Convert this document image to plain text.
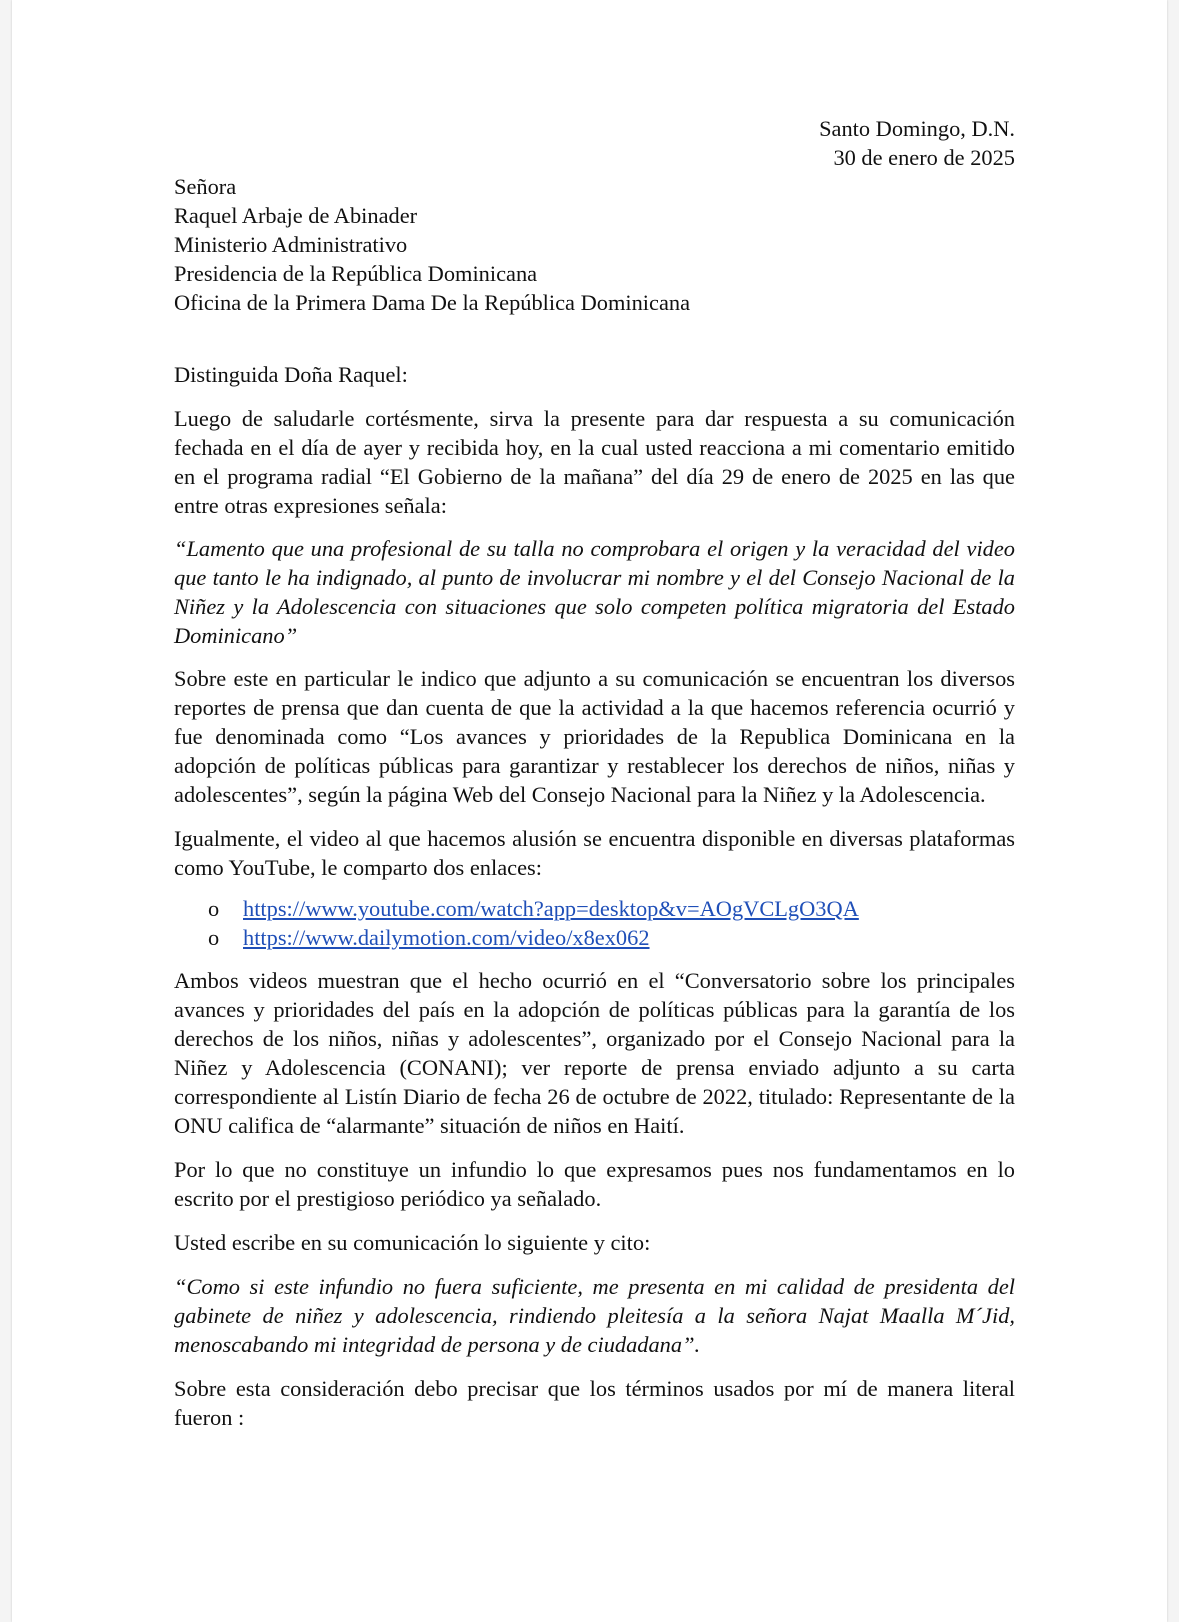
Santo Domingo, D.N.
30 de enero de 2025
Señora
Raquel Arbaje de Abinader
Ministerio Administrativo
Presidencia de la República Dominicana
Oficina de la Primera Dama De la República Dominicana

Distinguida Doña Raquel:

Luego de saludarle cortésmente, sirva la presente para dar respuesta a su comunicación fechada en el día de ayer y recibida hoy, en la cual usted reacciona a mi comentario emitido en el programa radial “El Gobierno de la mañana” del día 29 de enero de 2025 en las que entre otras expresiones señala:

“Lamento que una profesional de su talla no comprobara el origen y la veracidad del video que tanto le ha indignado, al punto de involucrar mi nombre y el del Consejo Nacional de la Niñez y la Adolescencia con situaciones que solo competen política migratoria del Estado Dominicano”

Sobre este en particular le indico que adjunto a su comunicación se encuentran los diversos reportes de prensa que dan cuenta de que la actividad a la que hacemos referencia ocurrió y fue denominada como “Los avances y prioridades de la Republica Dominicana en la adopción de políticas públicas para garantizar y restablecer los derechos de niños, niñas y adolescentes”, según la página Web del Consejo Nacional para la Niñez y la Adolescencia.

Igualmente, el video al que hacemos alusión se encuentra disponible en diversas plataformas como YouTube, le comparto dos enlaces:

o https://www.youtube.com/watch?app=desktop&v=AOgVCLgO3QA
o https://www.dailymotion.com/video/x8ex062

Ambos videos muestran que el hecho ocurrió en el “Conversatorio sobre los principales avances y prioridades del país en la adopción de políticas públicas para la garantía de los derechos de los niños, niñas y adolescentes”, organizado por el Consejo Nacional para la Niñez y Adolescencia (CONANI); ver reporte de prensa enviado adjunto a su carta correspondiente al Listín Diario de fecha 26 de octubre de 2022, titulado: Representante de la ONU califica de “alarmante” situación de niños en Haití.

Por lo que no constituye un infundio lo que expresamos pues nos fundamentamos en lo escrito por el prestigioso periódico ya señalado.

Usted escribe en su comunicación lo siguiente y cito:

“Como si este infundio no fuera suficiente, me presenta en mi calidad de presidenta del gabinete de niñez y adolescencia, rindiendo pleitesía a la señora Najat Maalla M´Jid, menoscabando mi integridad de persona y de ciudadana”.

Sobre esta consideración debo precisar que los términos usados por mí de manera literal fueron :
